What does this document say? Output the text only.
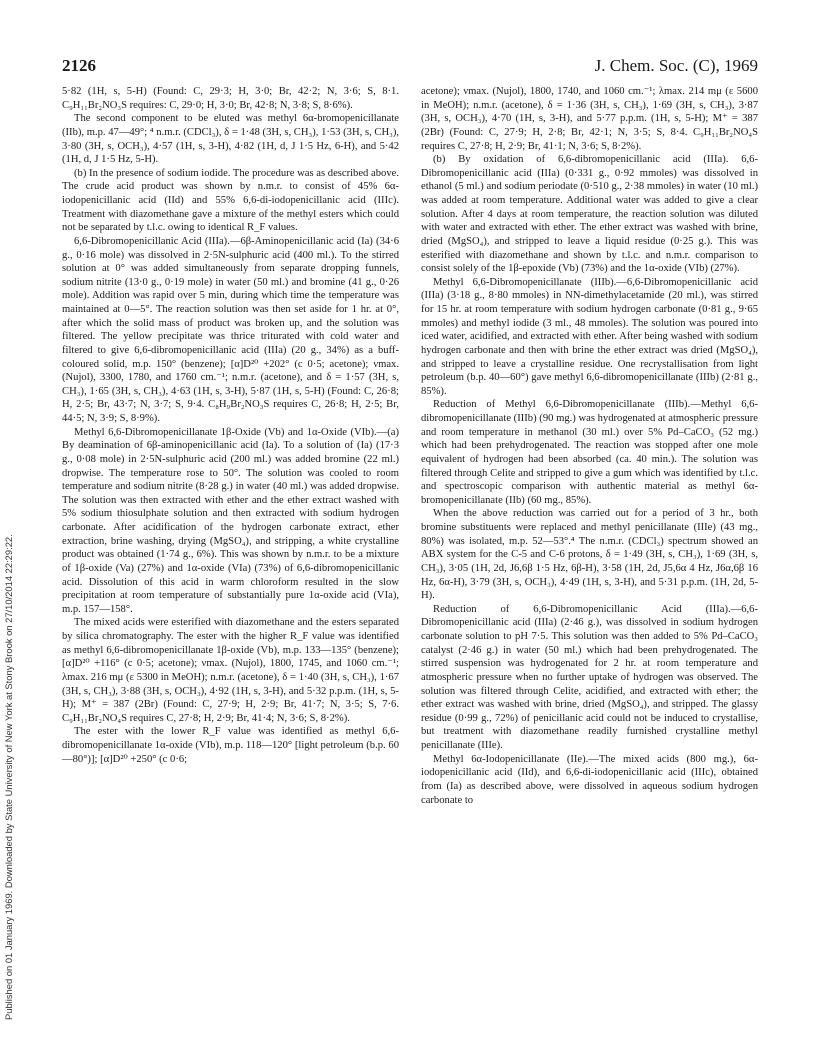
Published on 01 January 1969. Downloaded by State University of New York at Stony Brook on 27/10/2014 22:29:22.
2126	J. Chem. Soc. (C), 1969

5·82 (1H, s, 5-H) (Found: C, 29·3; H, 3·0; Br, 42·2; N, 3·6; S, 8·1. C₉H₁₁Br₂NO₃S requires: C, 29·0; H, 3·0; Br, 42·8; N, 3·8; S, 8·6%).

The second component to be eluted was methyl 6α-bromopenicillanate (IIb), m.p. 47—49°; ⁴ n.m.r. (CDCl₃), δ = 1·48 (3H, s, CH₃), 1·53 (3H, s, CH₃), 3·80 (3H, s, OCH₃), 4·57 (1H, s, 3-H), 4·82 (1H, d, J 1·5 Hz, 6-H), and 5·42 (1H, d, J 1·5 Hz, 5-H).

(b) In the presence of sodium iodide. The procedure was as described above. The crude acid product was shown by n.m.r. to consist of 45% 6α-iodopenicillanic acid (IId) and 55% 6,6-di-iodopenicillanic acid (IIIc). Treatment with diazomethane gave a mixture of the methyl esters which could not be separated by t.l.c. owing to identical R_F values.

6,6-Dibromopenicillanic Acid (IIIa).—6β-Aminopenicillanic acid (Ia) (34·6 g., 0·16 mole) was dissolved in 2·5N-sulphuric acid (400 ml.). To the stirred solution at 0° was added simultaneously from separate dropping funnels, sodium nitrite (13·0 g., 0·19 mole) in water (50 ml.) and bromine (41 g., 0·26 mole). Addition was rapid over 5 min, during which time the temperature was maintained at 0—5°. The reaction solution was then set aside for 1 hr. at 0°, after which the solid mass of product was broken up, and the solution was filtered. The yellow precipitate was thrice triturated with cold water and filtered to give 6,6-dibromopenicillanic acid (IIIa) (20 g., 34%) as a buff-coloured solid, m.p. 150° (benzene); [α]D²⁰ +202° (c 0·5; acetone); νmax. (Nujol), 3300, 1780, and 1760 cm.⁻¹; n.m.r. (acetone), and δ = 1·57 (3H, s, CH₃), 1·65 (3H, s, CH₃), 4·63 (1H, s, 3-H), 5·87 (1H, s, 5-H) (Found: C, 26·8; H, 2·5; Br, 43·7; N, 3·7; S, 9·4. C₈H₉Br₂NO₃S requires C, 26·8; H, 2·5; Br, 44·5; N, 3·9; S, 8·9%).

Methyl 6,6-Dibromopenicillanate 1β-Oxide (Vb) and 1α-Oxide (VIb).—(a) By deamination of 6β-aminopenicillanic acid (Ia). To a solution of (Ia) (17·3 g., 0·08 mole) in 2·5N-sulphuric acid (200 ml.) was added bromine (22 ml.) dropwise. The temperature rose to 50°. The solution was cooled to room temperature and sodium nitrite (8·28 g.) in water (40 ml.) was added dropwise. The solution was then extracted with ether and the ether extract washed with 5% sodium thiosulphate solution and then extracted with sodium hydrogen carbonate. After acidification of the hydrogen carbonate extract, ether extraction, brine washing, drying (MgSO₄), and stripping, a white crystalline product was obtained (1·74 g., 6%). This was shown by n.m.r. to be a mixture of 1β-oxide (Va) (27%) and 1α-oxide (VIa) (73%) of 6,6-dibromopenicillanic acid. Dissolution of this acid in warm chloroform resulted in the slow precipitation at room temperature of substantially pure 1α-oxide acid (VIa), m.p. 157—158°.

The mixed acids were esterified with diazomethane and the esters separated by silica chromatography. The ester with the higher R_F value was identified as methyl 6,6-dibromopenicillanate 1β-oxide (Vb), m.p. 133—135° (benzene); [α]D²⁰ +116° (c 0·5; acetone); νmax. (Nujol), 1800, 1745, and 1060 cm.⁻¹; λmax. 216 mμ (ε 5300 in MeOH); n.m.r. (acetone), δ = 1·40 (3H, s, CH₃), 1·67 (3H, s, CH₃), 3·88 (3H, s, OCH₃), 4·92 (1H, s, 3-H), and 5·32 p.p.m. (1H, s, 5-H); M⁺ = 387 (2Br) (Found: C, 27·9; H, 2·9; Br, 41·7; N, 3·5; S, 7·6. C₉H₁₁Br₂NO₄S requires C, 27·8; H, 2·9; Br, 41·4; N, 3·6; S, 8·2%).

The ester with the lower R_F value was identified as methyl 6,6-dibromopenicillanate 1α-oxide (VIb), m.p. 118—120° [light petroleum (b.p. 60—80°)]; [α]D²⁰ +250° (c 0·6;

acetone); νmax. (Nujol), 1800, 1740, and 1060 cm.⁻¹; λmax. 214 mμ (ε 5600 in MeOH); n.m.r. (acetone), δ = 1·36 (3H, s, CH₃), 1·69 (3H, s, CH₃), 3·87 (3H, s, OCH₃), 4·70 (1H, s, 3-H), and 5·77 p.p.m. (1H, s, 5-H); M⁺ = 387 (2Br) (Found: C, 27·9; H, 2·8; Br, 42·1; N, 3·5; S, 8·4. C₉H₁₁Br₂NO₄S requires C, 27·8; H, 2·9; Br, 41·1; N, 3·6; S, 8·2%).

(b) By oxidation of 6,6-dibromopenicillanic acid (IIIa). 6,6-Dibromopenicillanic acid (IIIa) (0·331 g., 0·92 mmoles) was dissolved in ethanol (5 ml.) and sodium periodate (0·510 g., 2·38 mmoles) in water (10 ml.) was added at room temperature. Additional water was added to give a clear solution. After 4 days at room temperature, the reaction solution was diluted with water and extracted with ether. The ether extract was washed with brine, dried (MgSO₄), and stripped to leave a liquid residue (0·25 g.). This was esterified with diazomethane and shown by t.l.c. and n.m.r. comparison to consist solely of the 1β-epoxide (Vb) (73%) and the 1α-oxide (VIb) (27%).

Methyl 6,6-Dibromopenicillanate (IIIb).—6,6-Dibromopenicillanic acid (IIIa) (3·18 g., 8·80 mmoles) in NN-dimethylacetamide (20 ml.), was stirred for 15 hr. at room temperature with sodium hydrogen carbonate (0·81 g., 9·65 mmoles) and methyl iodide (3 ml., 48 mmoles). The solution was poured into iced water, acidified, and extracted with ether. After being washed with sodium hydrogen carbonate and then with brine the ether extract was dried (MgSO₄), and stripped to leave a crystalline residue. One recrystallisation from light petroleum (b.p. 40—60°) gave methyl 6,6-dibromopenicillanate (IIIb) (2·81 g., 85%).

Reduction of Methyl 6,6-Dibromopenicillanate (IIIb).—Methyl 6,6-dibromopenicillanate (IIIb) (90 mg.) was hydrogenated at atmospheric pressure and room temperature in methanol (30 ml.) over 5% Pd–CaCO₃ (52 mg.) which had been prehydrogenated. The reaction was stopped after one mole equivalent of hydrogen had been absorbed (ca. 40 min.). The solution was filtered through Celite and stripped to give a gum which was identified by t.l.c. and spectroscopic comparison with authentic material as methyl 6α-bromopenicillanate (IIb) (60 mg., 85%).

When the above reduction was carried out for a period of 3 hr., both bromine substituents were replaced and methyl penicillanate (IIIe) (43 mg., 80%) was isolated, m.p. 52—53°.⁴ The n.m.r. (CDCl₃) spectrum showed an ABX system for the C-5 and C-6 protons, δ = 1·49 (3H, s, CH₃), 1·69 (3H, s, CH₃), 3·05 (1H, 2d, J6,6β 1·5 Hz, 6β-H), 3·58 (1H, 2d, J5,6α 4 Hz, J6α,6β 16 Hz, 6α-H), 3·79 (3H, s, OCH₃), 4·49 (1H, s, 3-H), and 5·31 p.p.m. (1H, 2d, 5-H).

Reduction of 6,6-Dibromopenicillanic Acid (IIIa).—6,6-Dibromopenicillanic acid (IIIa) (2·46 g.), was dissolved in sodium hydrogen carbonate solution to pH 7·5. This solution was then added to 5% Pd–CaCO₃ catalyst (2·46 g.) in water (50 ml.) which had been prehydrogenated. The stirred suspension was hydrogenated for 2 hr. at room temperature and atmospheric pressure when no further uptake of hydrogen was observed. The solution was filtered through Celite, acidified, and extracted with ether; the ether extract was washed with brine, dried (MgSO₄), and stripped. The glassy residue (0·99 g., 72%) of penicillanic acid could not be induced to crystallise, but treatment with diazomethane readily furnished crystalline methyl penicillanate (IIIe).

Methyl 6α-Iodopenicillanate (IIe).—The mixed acids (800 mg.), 6α-iodopenicillanic acid (IId), and 6,6-di-iodopenicillanic acid (IIIc), obtained from (Ia) as described above, were dissolved in aqueous sodium hydrogen carbonate to
